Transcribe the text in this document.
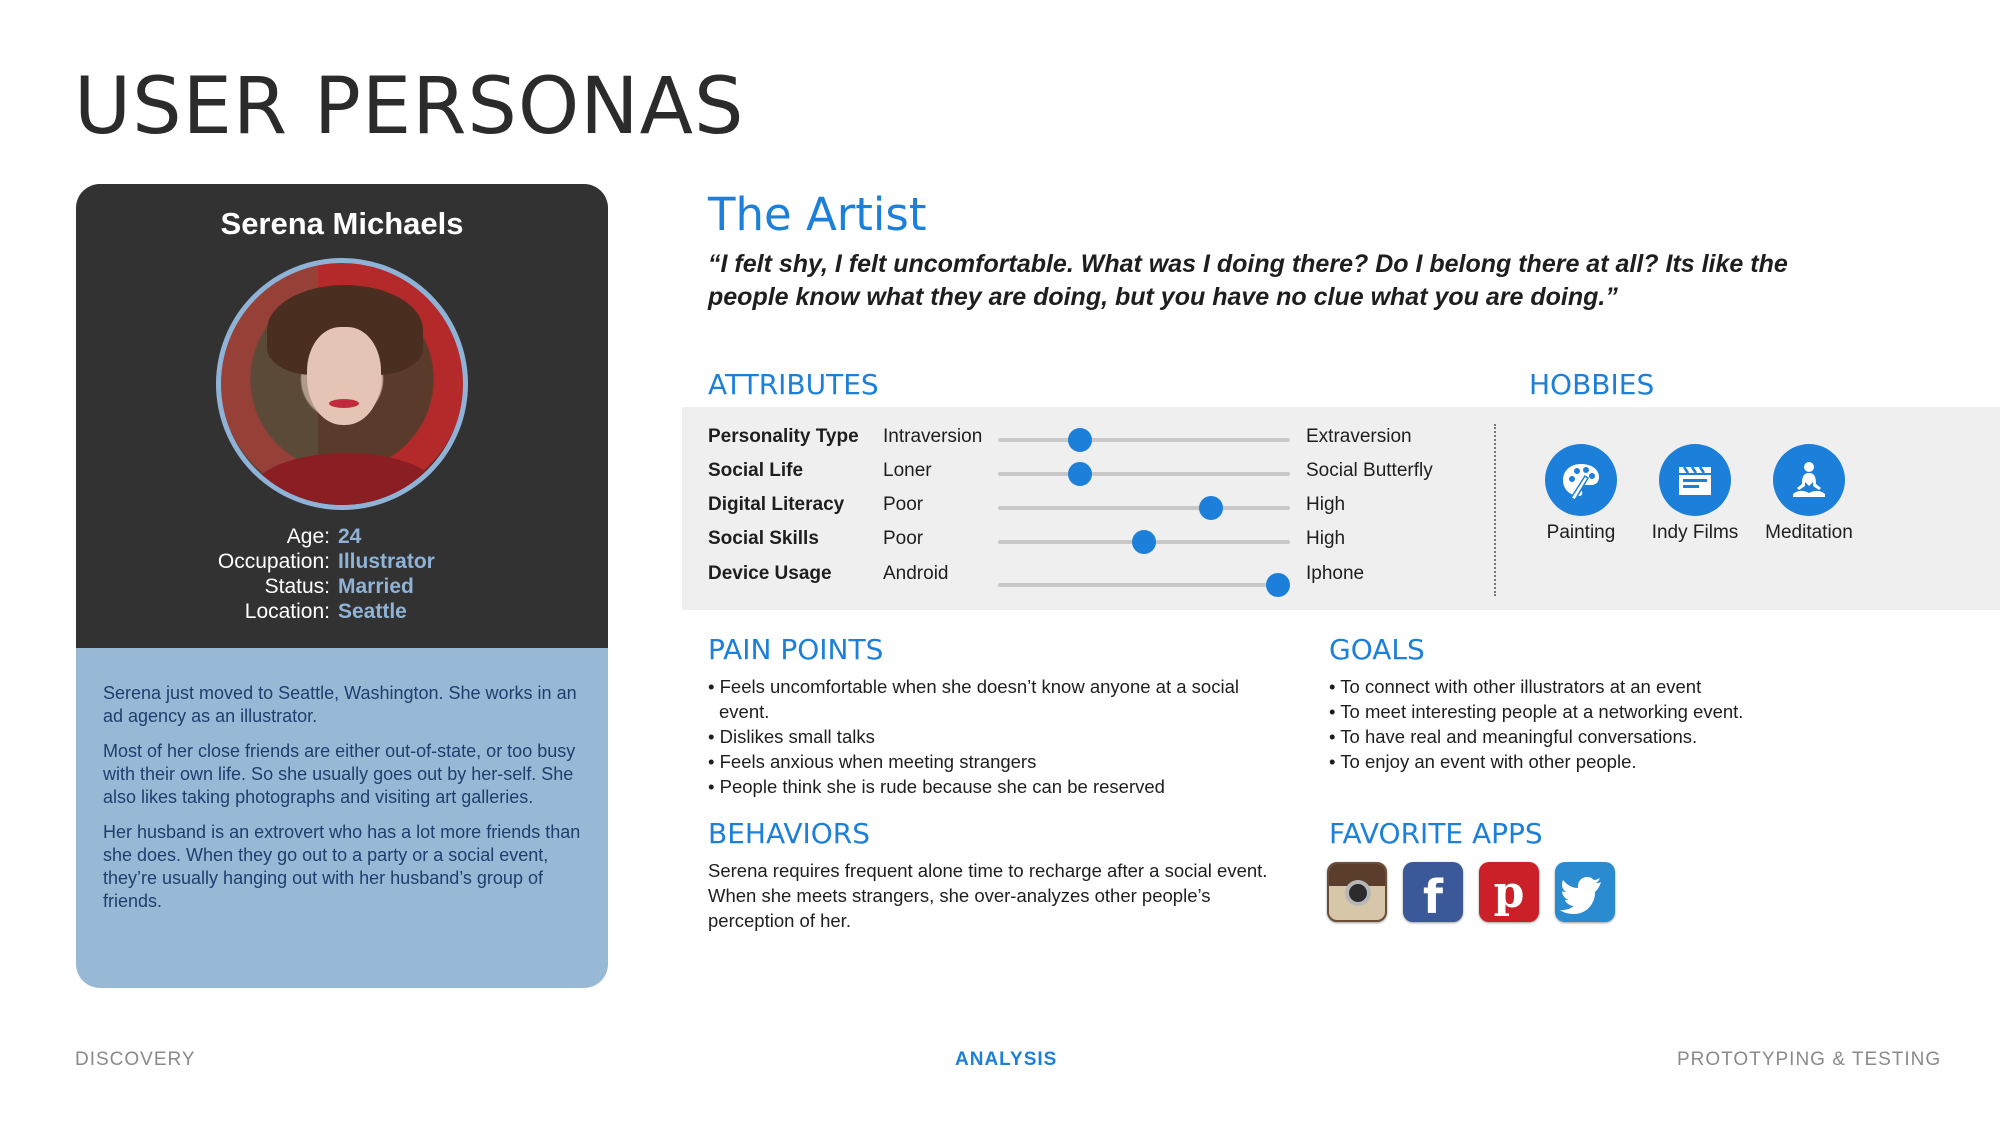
USER PERSONAS
Serena Michaels
Age: 24
Occupation: Illustrator
Status: Married
Location: Seattle

Serena just moved to Seattle, Washington. She works in an ad agency as an illustrator.

Most of her close friends are either out-of-state, or too busy with their own life. So she usually goes out by her-self. She also likes taking photographs and visiting art galleries.

Her husband is an extrovert who has a lot more friends than she does. When they go out to a party or a social event, they’re usually hanging out with her husband’s group of friends.

The Artist
“I felt shy, I felt uncomfortable. What was I doing there? Do I belong there at all? Its like the people know what they are doing, but you have no clue what you are doing.”
ATTRIBUTES	HOBBIES
Personality Type Intraversion	Extraversion
Social Life	Loner	Social Butterfly
Digital Literacy Poor	High
Social Skills	Poor	High
Device Usage	Android	Iphone
Painting	Indy Films	Meditation
PAIN POINTS
• Feels uncomfortable when she doesn’t know anyone at a social event.
• Dislikes small talks
• Feels anxious when meeting strangers
• People think she is rude because she can be reserved
GOALS
• To connect with other illustrators at an event
• To meet interesting people at a networking event.
• To have real and meaningful conversations.
• To enjoy an event with other people.
BEHAVIORS
Serena requires frequent alone time to recharge after a social event. When she meets strangers, she over-analyzes other people’s perception of her.
FAVORITE APPS
f	p
DISCOVERY	ANALYSIS	PROTOTYPING & TESTING
